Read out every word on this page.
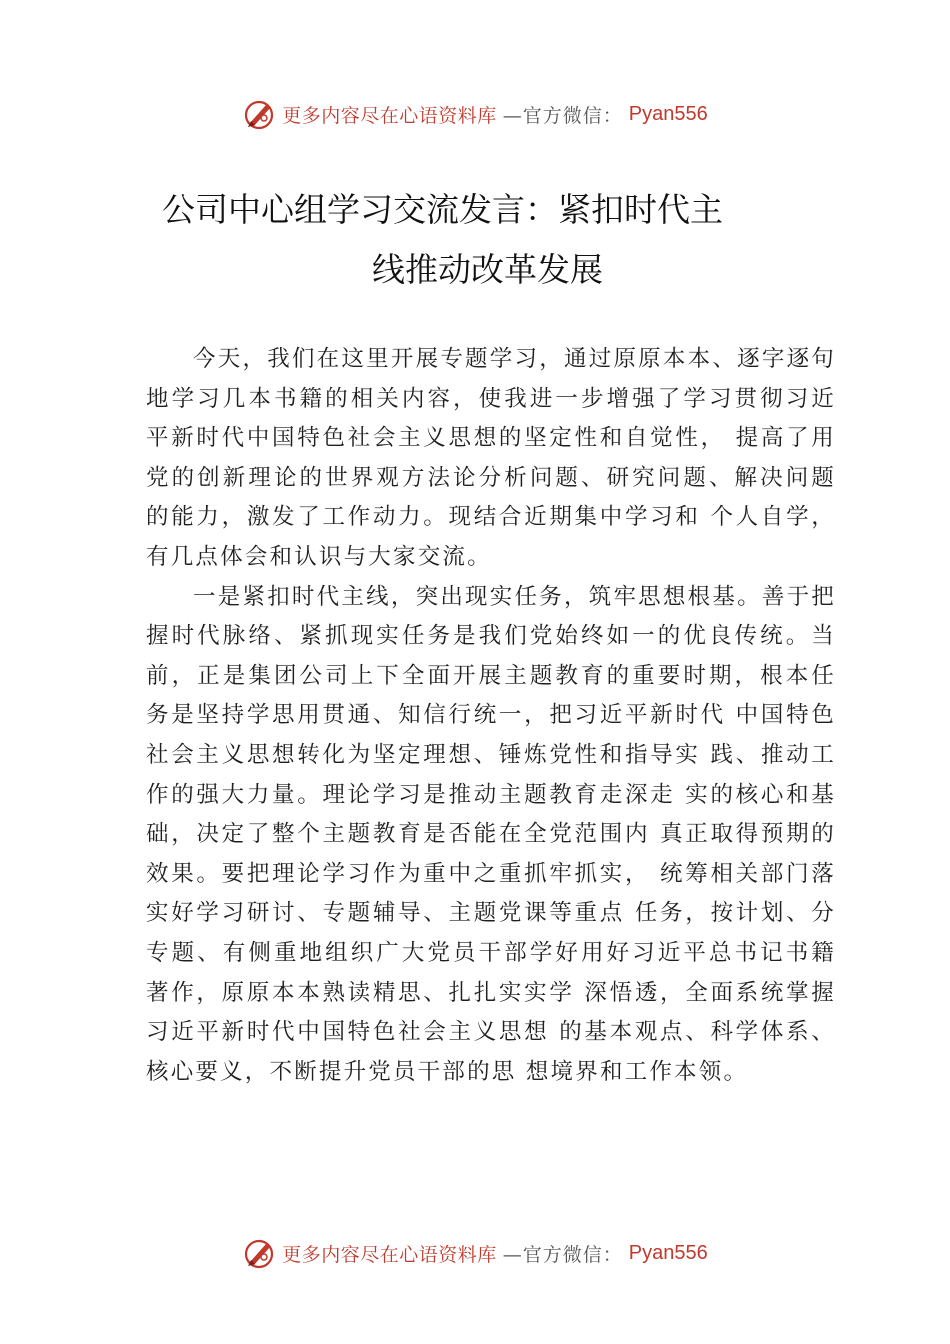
更多内容尽在心语资料库 —官方微信： Pyan556
公司中心组学习交流发言：紧扣时代主
线推动改革发展

今天，我们在这里开展专题学习，通过原原本本、逐字逐句地学习几本书籍的相关内容，使我进一步增强了学习贯彻习近平新时代中国特色社会主义思想的坚定性和自觉性， 提高了用党的创新理论的世界观方法论分析问题、研究问题、解决问题的能力，激发了工作动力。现结合近期集中学习和 个人自学，有几点体会和认识与大家交流。

一是紧扣时代主线，突出现实任务，筑牢思想根基。善于把握时代脉络、紧抓现实任务是我们党始终如一的优良传统。当前，正是集团公司上下全面开展主题教育的重要时期，根本任务是坚持学思用贯通、知信行统一，把习近平新时代 中国特色社会主义思想转化为坚定理想、锤炼党性和指导实 践、推动工作的强大力量。理论学习是推动主题教育走深走 实的核心和基础，决定了整个主题教育是否能在全党范围内 真正取得预期的效果。要把理论学习作为重中之重抓牢抓实， 统筹相关部门落实好学习研讨、专题辅导、主题党课等重点 任务，按计划、分专题、有侧重地组织广大党员干部学好用好习近平总书记书籍著作，原原本本熟读精思、扎扎实实学 深悟透，全面系统掌握习近平新时代中国特色社会主义思想 的基本观点、科学体系、核心要义，不断提升党员干部的思 想境界和工作本领。

更多内容尽在心语资料库 —官方微信： Pyan556
